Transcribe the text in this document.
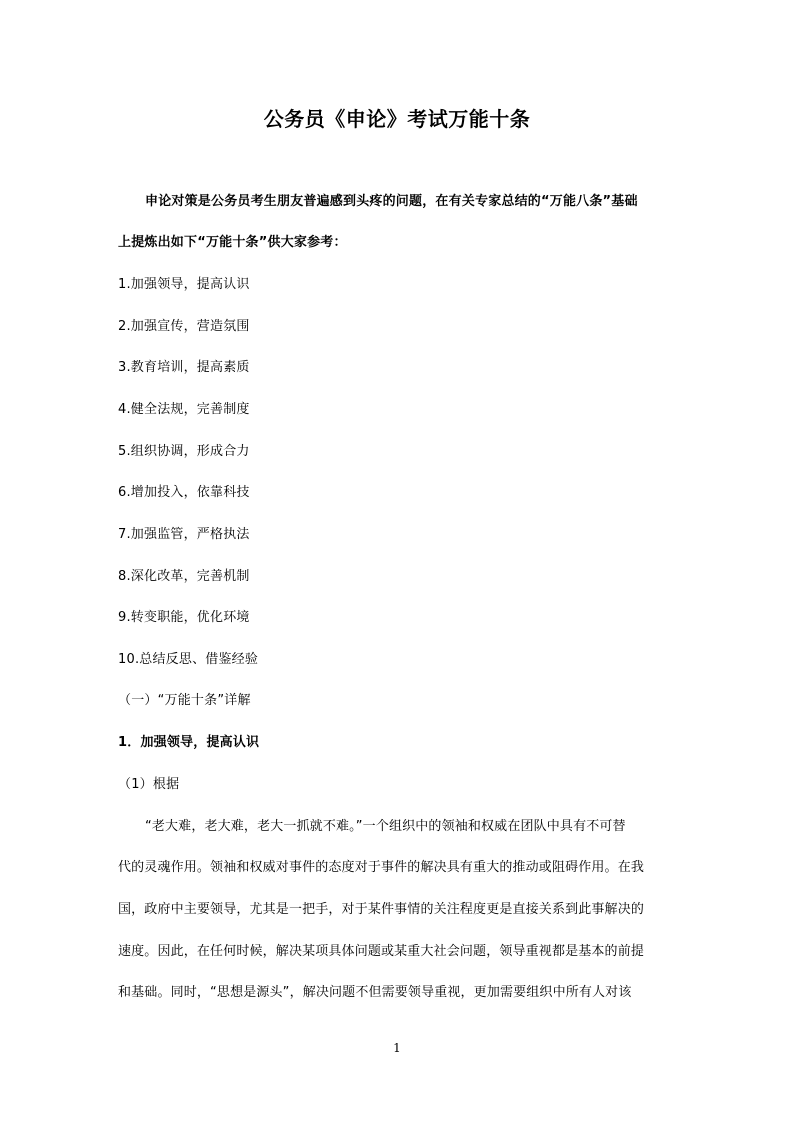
公务员《申论》考试万能十条
申论对策是公务员考生朋友普遍感到头疼的问题，在有关专家总结的“万能八条”基础
上提炼出如下“万能十条”供大家参考：
1.加强领导，提高认识
2.加强宣传，营造氛围
3.教育培训，提高素质
4.健全法规，完善制度
5.组织协调，形成合力
6.增加投入，依靠科技
7.加强监管，严格执法
8.深化改革，完善机制
9.转变职能，优化环境
10.总结反思、借鉴经验
（一）“万能十条”详解
1．加强领导，提高认识
（1）根据
“老大难，老大难，老大一抓就不难。”一个组织中的领袖和权威在团队中具有不可替
代的灵魂作用。领袖和权威对事件的态度对于事件的解决具有重大的推动或阻碍作用。在我
国，政府中主要领导，尤其是一把手，对于某件事情的关注程度更是直接关系到此事解决的
速度。因此，在任何时候，解决某项具体问题或某重大社会问题，领导重视都是基本的前提
和基础。同时，“思想是源头”，解决问题不但需要领导重视，更加需要组织中所有人对该
1
